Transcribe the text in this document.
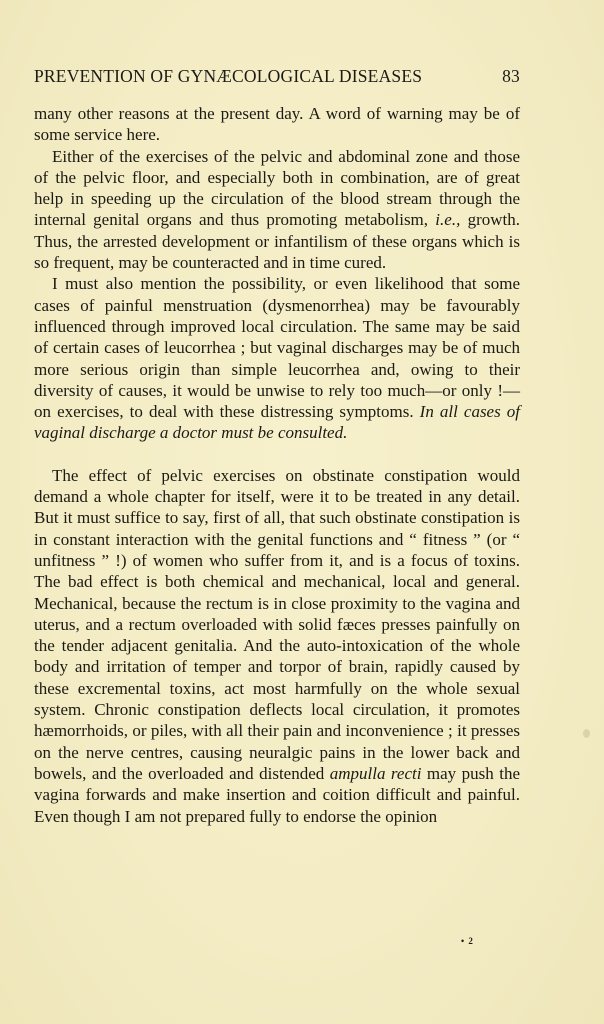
PREVENTION OF GYNÆCOLOGICAL DISEASES	83

many other reasons at the present day. A word of warning may be of some service here.

Either of the exercises of the pelvic and abdominal zone and those of the pelvic floor, and especially both in combination, are of great help in speeding up the circulation of the blood stream through the internal genital organs and thus promoting metabolism, i.e., growth. Thus, the arrested development or infantilism of these organs which is so frequent, may be counteracted and in time cured.

I must also mention the possibility, or even likelihood that some cases of painful menstruation (dysmenorrhea) may be favourably influenced through improved local circulation. The same may be said of certain cases of leucorrhea ; but vaginal discharges may be of much more serious origin than simple leucorrhea and, owing to their diversity of causes, it would be unwise to rely too much—or only !—on exercises, to deal with these distressing symptoms. In all cases of vaginal discharge a doctor must be consulted.

The effect of pelvic exercises on obstinate constipation would demand a whole chapter for itself, were it to be treated in any detail. But it must suffice to say, first of all, that such obstinate constipation is in constant interaction with the genital functions and “ fitness ” (or “ unfitness ” !) of women who suffer from it, and is a focus of toxins. The bad effect is both chemical and mechanical, local and general. Mechanical, because the rectum is in close proximity to the vagina and uterus, and a rectum overloaded with solid fæces presses painfully on the tender adjacent genitalia. And the auto-intoxication of the whole body and irritation of temper and torpor of brain, rapidly caused by these excremental toxins, act most harmfully on the whole sexual system. Chronic constipation deflects local circulation, it promotes hæmorrhoids, or piles, with all their pain and inconvenience ; it presses on the nerve centres, causing neuralgic pains in the lower back and bowels, and the overloaded and distended ampulla recti may push the vagina forwards and make insertion and coition difficult and painful. Even though I am not prepared fully to endorse the opinion

• 2
